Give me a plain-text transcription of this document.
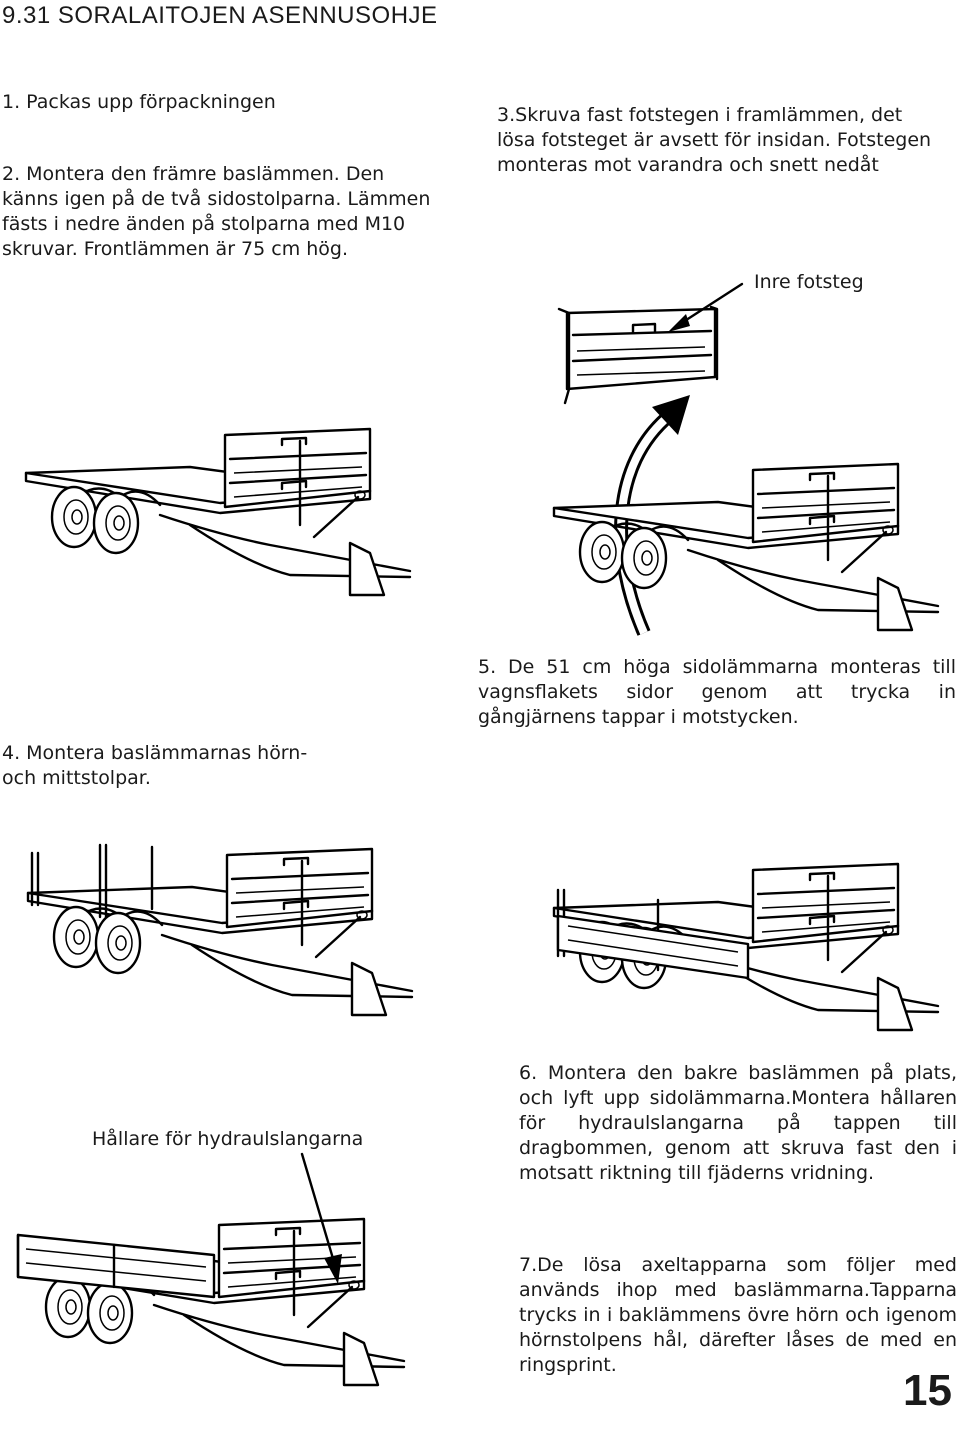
9.31 SORALAITOJEN ASENNUSOHJE
1. Packas upp förpackningen
2. Montera den främre baslämmen. Den känns igen på de två sidostolparna. Lämmen fästs i nedre änden på stolparna med M10 skruvar. Frontlämmen är 75 cm hög.
3.Skruva fast fotstegen i framlämmen, det lösa fotsteget är avsett för insidan. Fotstegen monteras mot varandra och snett nedåt
Inre fotsteg
4. Montera baslämmarnas hörn- och mittstolpar.
5. De 51 cm höga sidolämmarna monteras till vagnsflakets sidor genom att trycka in gångjärnens tappar i motstycken.
Hållare för hydraulslangarna
6. Montera den bakre baslämmen på plats, och lyft upp sidolämmarna.Montera hållaren för hydraulslangarna på tappen till dragbommen, genom att skruva fast den i motsatt riktning till fjäderns vridning.
7.De lösa axeltapparna som följer med används ihop med baslämmarna.Tapparna trycks in i baklämmens övre hörn och igenom hörnstolpens hål, därefter låses de med en ringsprint.
15
